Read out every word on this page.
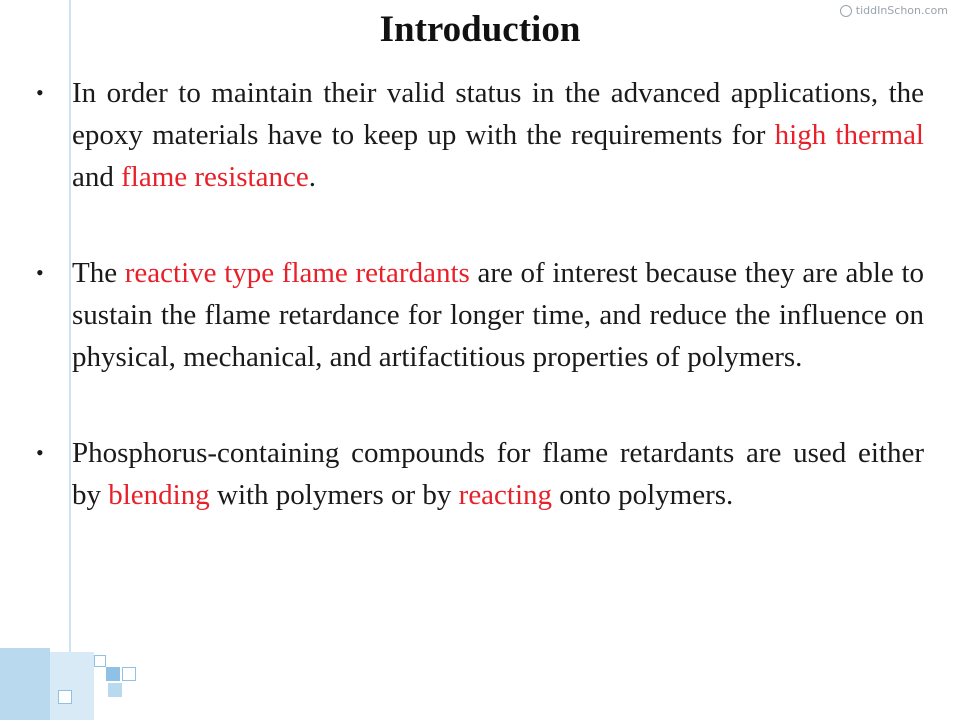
tiddInSchon.com
Introduction
• In order to maintain their valid status in the advanced applications, the epoxy materials have to keep up with the requirements for high thermal and flame resistance.
• The reactive type flame retardants are of interest because they are able to sustain the flame retardance for longer time, and reduce the influence on physical, mechanical, and artifactitious properties of polymers.
• Phosphorus-containing compounds for flame retardants are used either by blending with polymers or by reacting onto polymers.
